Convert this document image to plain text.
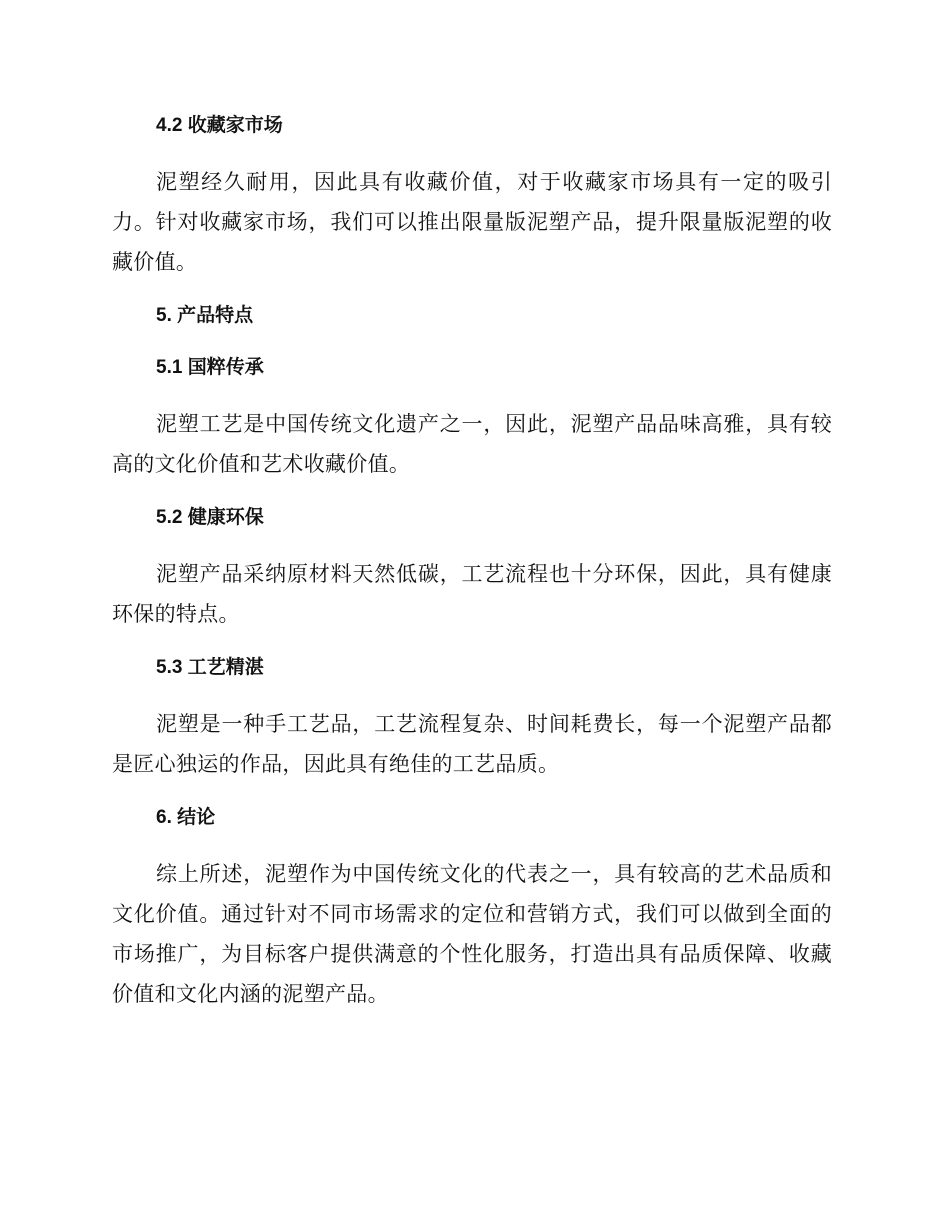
4.2 收藏家市场
泥塑经久耐用，因此具有收藏价值，对于收藏家市场具有一定的吸引力。针对收藏家市场，我们可以推出限量版泥塑产品，提升限量版泥塑的收藏价值。
5. 产品特点
5.1 国粹传承
泥塑工艺是中国传统文化遗产之一，因此，泥塑产品品味高雅，具有较高的文化价值和艺术收藏价值。
5.2 健康环保
泥塑产品采纳原材料天然低碳，工艺流程也十分环保，因此，具有健康环保的特点。
5.3 工艺精湛
泥塑是一种手工艺品，工艺流程复杂、时间耗费长，每一个泥塑产品都是匠心独运的作品，因此具有绝佳的工艺品质。
6. 结论
综上所述，泥塑作为中国传统文化的代表之一，具有较高的艺术品质和文化价值。通过针对不同市场需求的定位和营销方式，我们可以做到全面的市场推广，为目标客户提供满意的个性化服务，打造出具有品质保障、收藏价值和文化内涵的泥塑产品。
